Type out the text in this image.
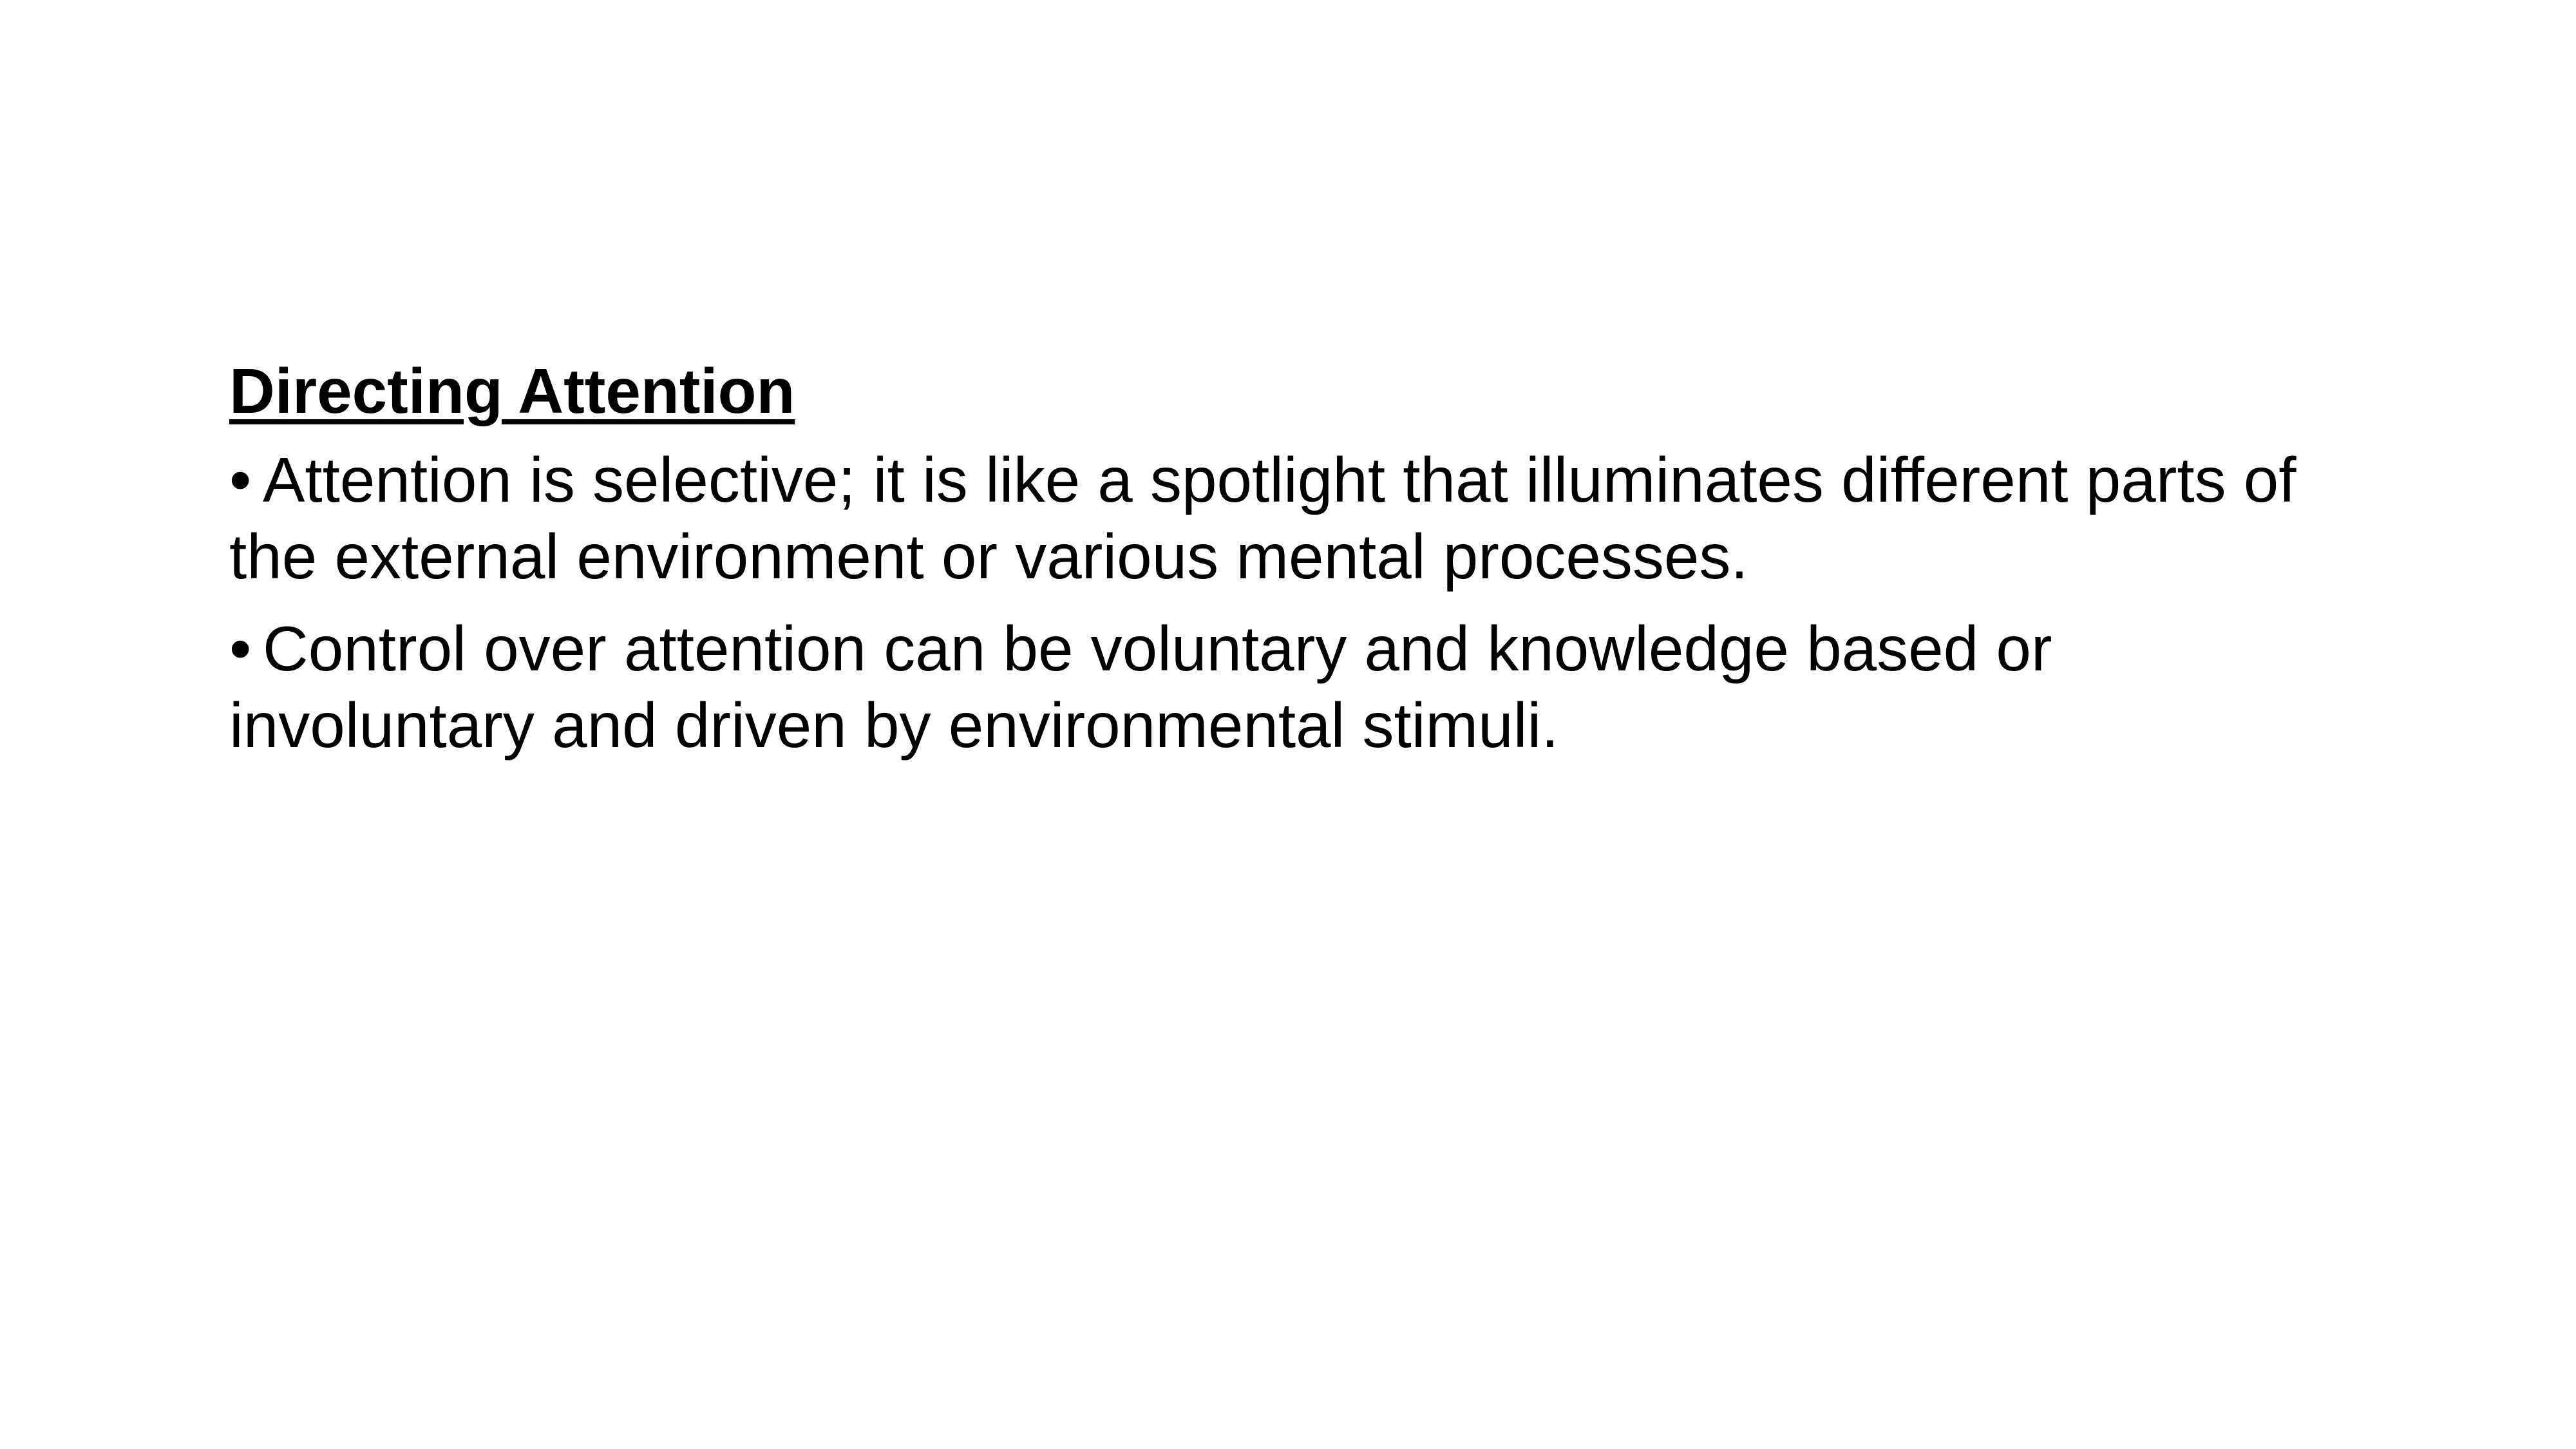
Directing Attention
• Attention is selective; it is like a spotlight that illuminates different parts of the external environment or various mental processes.
• Control over attention can be voluntary and knowledge based or involuntary and driven by environmental stimuli.
